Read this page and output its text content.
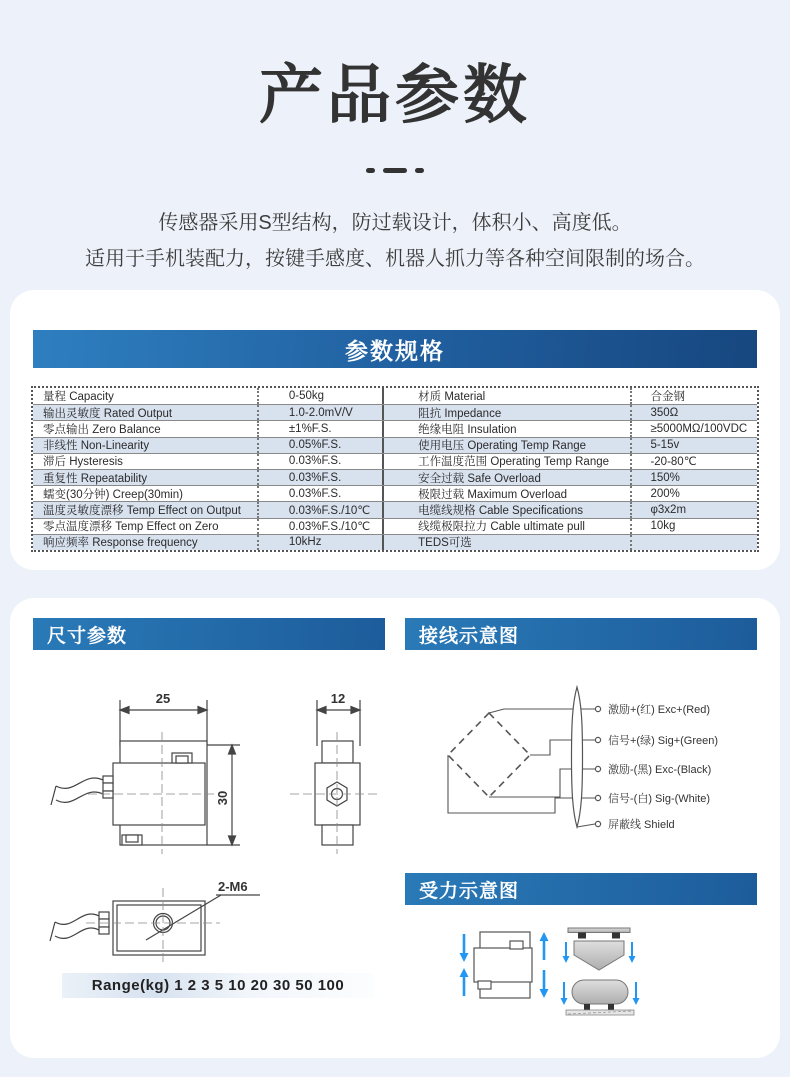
产品参数
传感器采用S型结构，防过载设计，体积小、高度低。
适用于手机装配力，按键手感度、机器人抓力等各种空间限制的场合。
参数规格
量程 Capacity	0-50kg	材质 Material	合金钢
输出灵敏度 Rated Output	1.0-2.0mV/V	阻抗 Impedance	350Ω
零点输出 Zero Balance	±1%F.S.	绝缘电阻 Insulation	≥5000MΩ/100VDC
非线性 Non-Linearity	0.05%F.S.	使用电压 Operating Temp Range	5-15v
滞后 Hysteresis	0.03%F.S.	工作温度范围 Operating Temp Range	-20-80℃
重复性 Repeatability	0.03%F.S.	安全过载 Safe Overload	150%
蠕变(30分钟) Creep(30min)	0.03%F.S.	极限过载 Maximum Overload	200%
温度灵敏度漂移 Temp Effect on Output	0.03%F.S./10℃	电缆线规格 Cable Specifications	φ3x2m
零点温度漂移 Temp Effect on Zero	0.03%F.S./10℃	线缆极限拉力 Cable ultimate pull	10kg
响应频率 Response frequency	10kHz	TEDS可选
尺寸参数	接线示意图
受力示意图
25	12
30
2-M6
Range(kg) 1 2 3 5 10 20 30 50 100
激励+(红) Exc+(Red)
信号+(绿) Sig+(Green)
激励-(黑) Exc-(Black)
信号-(白) Sig-(White)
屏蔽线 Shield
